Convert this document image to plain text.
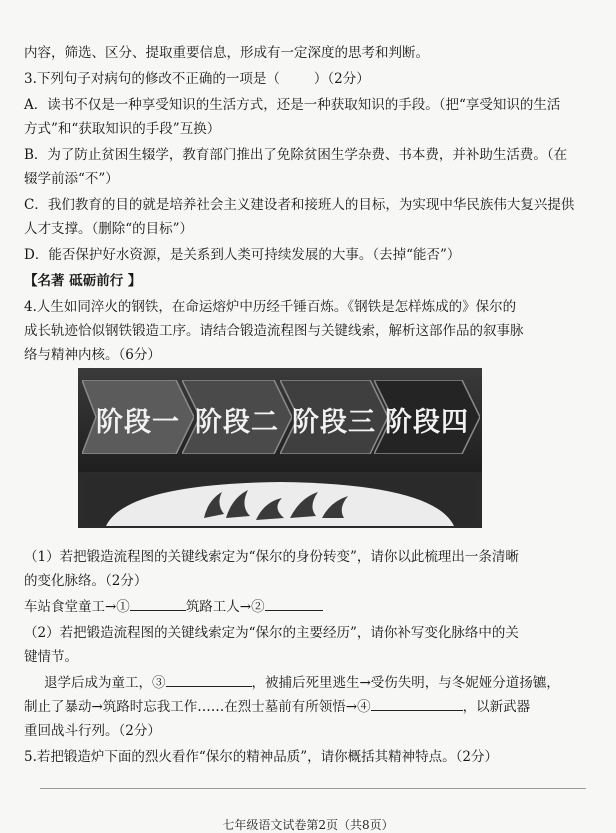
内容，筛选、区分、提取重要信息，形成有一定深度的思考和判断。
3.下列句子对病句的修改不正确的一项是（	）（2分）
A．读书不仅是一种享受知识的生活方式，还是一种获取知识的手段。（把“享受知识的生活
方式”和“获取知识的手段”互换）
B．为了防止贫困生辍学，教育部门推出了免除贫困生学杂费、书本费，并补助生活费。（在
辍学前添“不”）
C．我们教育的目的就是培养社会主义建设者和接班人的目标，为实现中华民族伟大复兴提供
人才支撑。（删除“的目标”）
D．能否保护好水资源，是关系到人类可持续发展的大事。（去掉“能否”）
【名著 砥砺前行 】
4.人生如同淬火的钢铁，在命运熔炉中历经千锤百炼。《钢铁是怎样炼成的》保尔的
成长轨迹恰似钢铁锻造工序。请结合锻造流程图与关键线索，解析这部作品的叙事脉
络与精神内核。（6分）
阶段一 阶段二 阶段三 阶段四
（1）若把锻造流程图的关键线索定为“保尔的身份转变”，请你以此梳理出一条清晰
的变化脉络。（2分）
车站食堂童工→①	筑路工人→②
（2）若把锻造流程图的关键线索定为“保尔的主要经历”，请你补写变化脉络中的关
键情节。
退学后成为童工，③	，被捕后死里逃生→受伤失明，与冬妮娅分道扬镳，
制止了暴动→筑路时忘我工作……在烈士墓前有所领悟→④	，以新武器
重回战斗行列。（2分）
5.若把锻造炉下面的烈火看作“保尔的精神品质”，请你概括其精神特点。（2分）
七年级语文试卷第2页（共8页）
